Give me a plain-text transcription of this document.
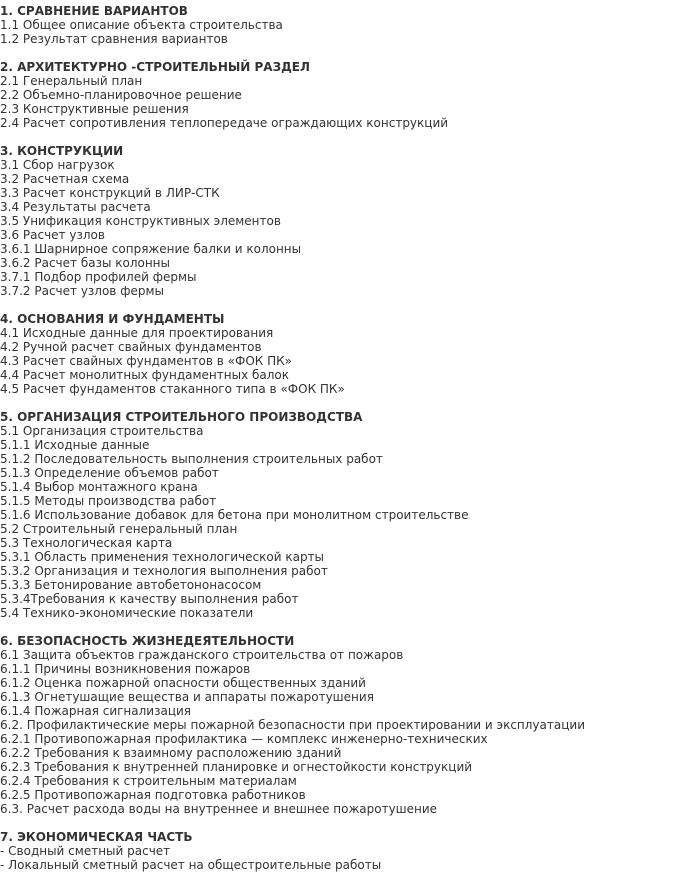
1. СРАВНЕНИЕ ВАРИАНТОВ
1.1 Общее описание объекта строительства
1.2 Результат сравнения вариантов
2. АРХИТЕКТУРНО -СТРОИТЕЛЬНЫЙ РАЗДЕЛ
2.1 Генеральный план
2.2 Объемно-планировочное решение
2.3 Конструктивные решения
2.4 Расчет сопротивления теплопередаче ограждающих конструкций
3. КОНСТРУКЦИИ
3.1 Сбор нагрузок
3.2 Расчетная схема
3.3 Расчет конструкций в ЛИР-СТК
3.4 Результаты расчета
3.5 Унификация конструктивных элементов
3.6 Расчет узлов
3.6.1 Шарнирное сопряжение балки и колонны
3.6.2 Расчет базы колонны
3.7.1 Подбор профилей фермы
3.7.2 Расчет узлов фермы
4. ОСНОВАНИЯ И ФУНДАМЕНТЫ
4.1 Исходные данные для проектирования
4.2 Ручной расчет свайных фундаментов
4.3 Расчет свайных фундаментов в «ФОК ПК»
4.4 Расчет монолитных фундаментных балок
4.5 Расчет фундаментов стаканного типа в «ФОК ПК»
5. ОРГАНИЗАЦИЯ СТРОИТЕЛЬНОГО ПРОИЗВОДСТВА
5.1 Организация строительства
5.1.1 Исходные данные
5.1.2 Последовательность выполнения строительных работ
5.1.3 Определение объемов работ
5.1.4 Выбор монтажного крана
5.1.5 Методы производства работ
5.1.6 Использование добавок для бетона при монолитном строительстве
5.2 Строительный генеральный план
5.3 Технологическая карта
5.3.1 Область применения технологической карты
5.3.2 Организация и технология выполнения работ
5.3.3 Бетонирование автобетононасосом
5.3.4Требования к качеству выполнения работ
5.4 Технико-экономические показатели
6. БЕЗОПАСНОСТЬ ЖИЗНЕДЕЯТЕЛЬНОСТИ
6.1 Защита объектов гражданского строительства от пожаров
6.1.1 Причины возникновения пожаров
6.1.2 Оценка пожарной опасности общественных зданий
6.1.3 Огнетушащие вещества и аппараты пожаротушения
6.1.4 Пожарная сигнализация
6.2. Профилактические меры пожарной безопасности при проектировании и эксплуатации
6.2.1 Противопожарная профилактика — комплекс инженерно-технических
6.2.2 Требования к взаимному расположению зданий
6.2.3 Требования к внутренней планировке и огнестойкости конструкций
6.2.4 Требования к строительным материалам
6.2.5 Противопожарная подготовка работников
6.3. Расчет расхода воды на внутреннее и внешнее пожаротушение
7. ЭКОНОМИЧЕСКАЯ ЧАСТЬ
- Сводный сметный расчет
- Локальный сметный расчет на общестроительные работы
